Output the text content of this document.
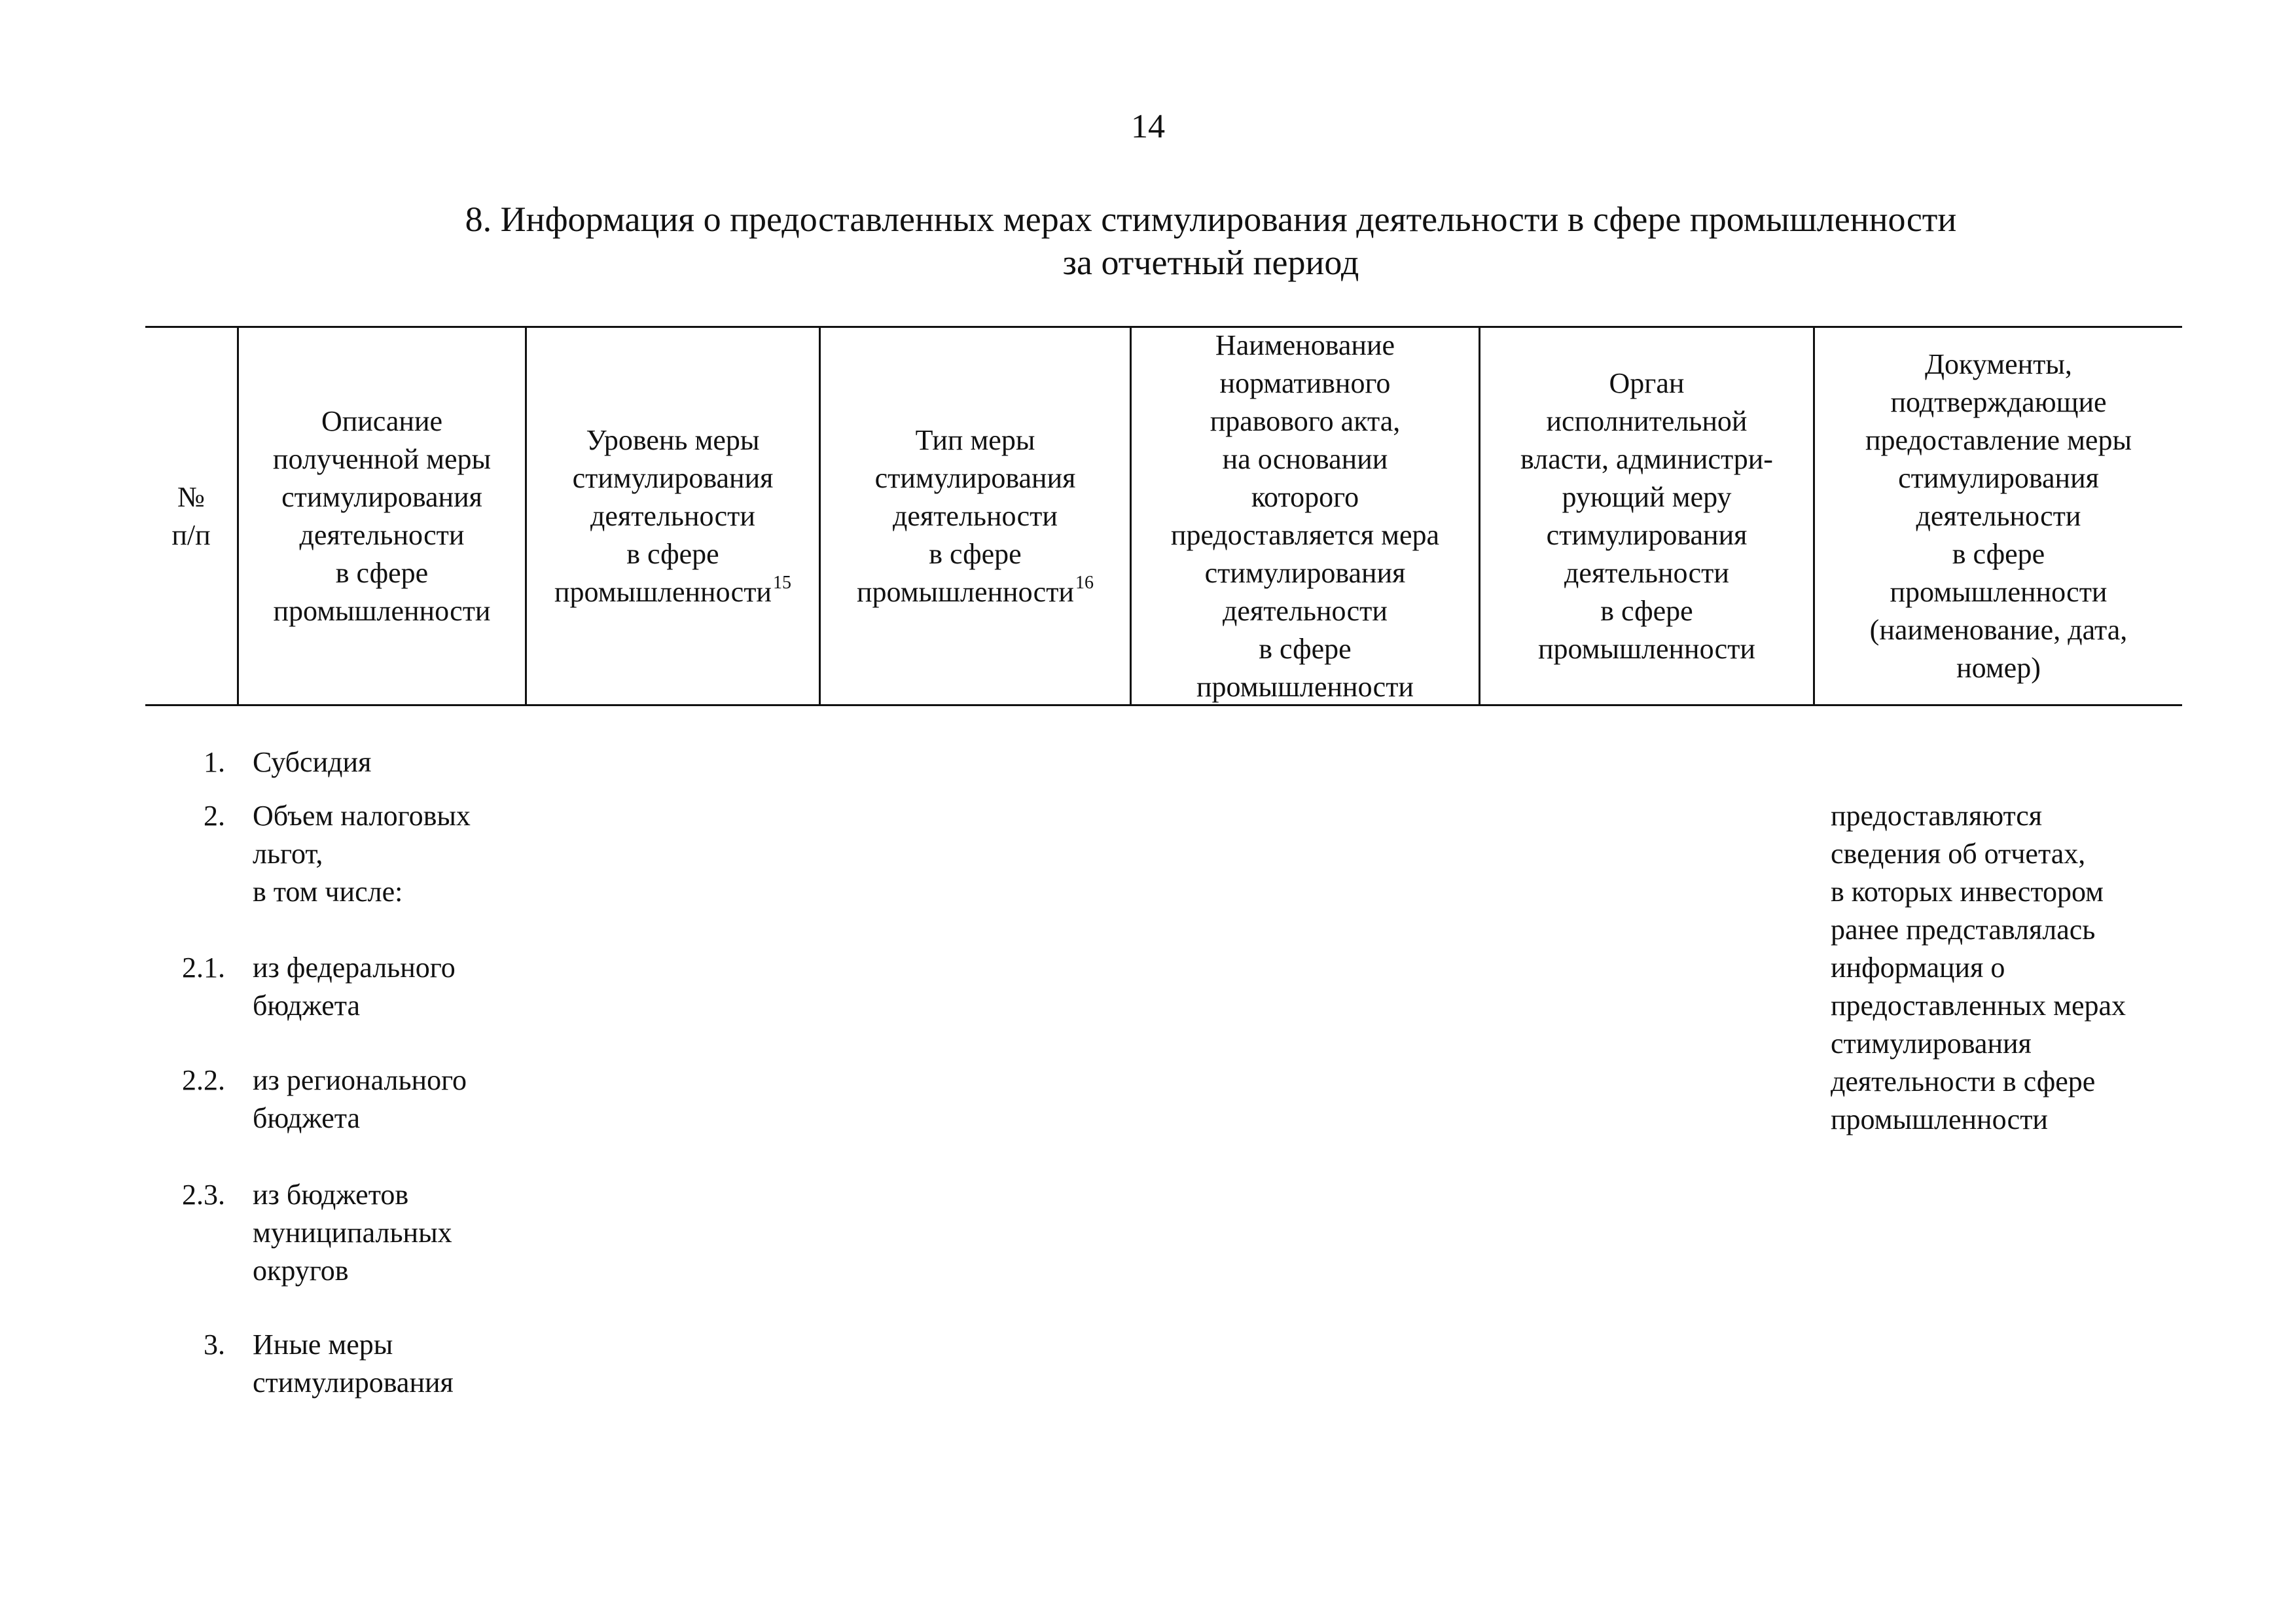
14
8. Информация о предоставленных мерах стимулирования деятельности в сфере промышленности
за отчетный период
№
п/п
Описание
полученной меры
стимулирования
деятельности
в сфере
промышленности
Уровень меры
стимулирования
деятельности
в сфере
промышленности$^{15}$
Тип меры
стимулирования
деятельности
в сфере
промышленности$^{16}$
Наименование
нормативного
правового акта,
на основании
которого
предоставляется мера
стимулирования
деятельности
в сфере
промышленности
Орган
исполнительной
власти, администри-
рующий меру
стимулирования
деятельности
в сфере
промышленности
Документы,
подтверждающие
предоставление меры
стимулирования
деятельности
в сфере
промышленности
(наименование, дата,
номер)
1. Субсидия
2. Объем налоговых
льгот,
в том числе:
2.1. из федерального
бюджета
2.2. из регионального
бюджета
2.3. из бюджетов
муниципальных
округов
3. Иные меры
стимулирования
предоставляются
сведения об отчетах,
в которых инвестором
ранее представлялась
информация о
предоставленных мерах
стимулирования
деятельности в сфере
промышленности
